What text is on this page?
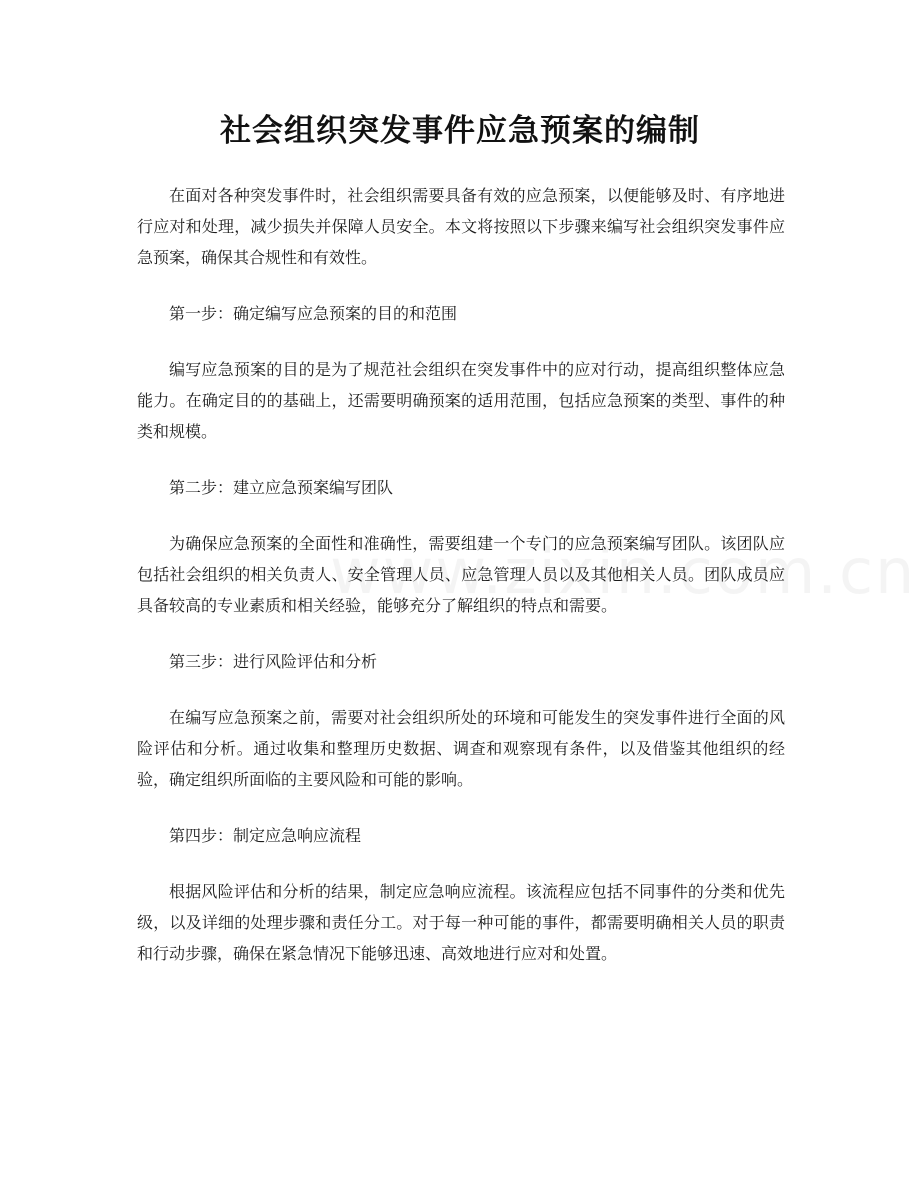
社会组织突发事件应急预案的编制

在面对各种突发事件时，社会组织需要具备有效的应急预案，以便能够及时、有序地进行应对和处理，减少损失并保障人员安全。本文将按照以下步骤来编写社会组织突发事件应急预案，确保其合规性和有效性。

第一步：确定编写应急预案的目的和范围

编写应急预案的目的是为了规范社会组织在突发事件中的应对行动，提高组织整体应急能力。在确定目的的基础上，还需要明确预案的适用范围，包括应急预案的类型、事件的种类和规模。

第二步：建立应急预案编写团队

为确保应急预案的全面性和准确性，需要组建一个专门的应急预案编写团队。该团队应包括社会组织的相关负责人、安全管理人员、应急管理人员以及其他相关人员。团队成员应具备较高的专业素质和相关经验，能够充分了解组织的特点和需要。

第三步：进行风险评估和分析

在编写应急预案之前，需要对社会组织所处的环境和可能发生的突发事件进行全面的风险评估和分析。通过收集和整理历史数据、调查和观察现有条件，以及借鉴其他组织的经验，确定组织所面临的主要风险和可能的影响。

第四步：制定应急响应流程

根据风险评估和分析的结果，制定应急响应流程。该流程应包括不同事件的分类和优先级，以及详细的处理步骤和责任分工。对于每一种可能的事件，都需要明确相关人员的职责和行动步骤，确保在紧急情况下能够迅速、高效地进行应对和处置。
